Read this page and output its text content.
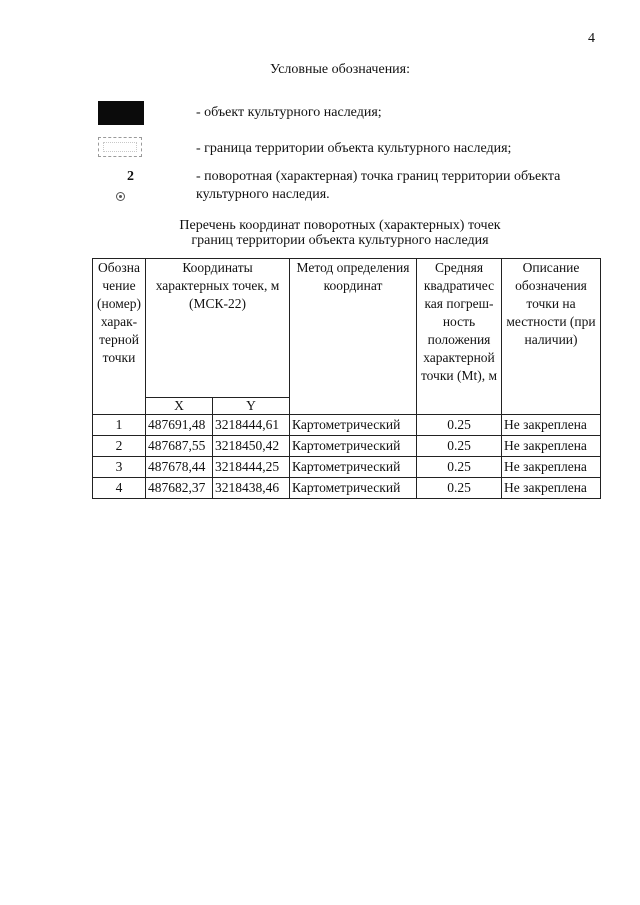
4
Условные обозначения:
- объект культурного наследия;
- граница территории объекта культурного наследия;
2	- поворотная (характерная) точка границ территории объекта культурного наследия.
Перечень координат поворотных (характерных) точек
границ территории объекта культурного наследия
Обозна чение (номер) харак- терной точки	Координаты характерных точек, м (МСК-22)		Метод определения координат	Средняя квадратичес кая погреш- ность положения характерной точки (Mt), м	Описание обозначения точки на местности (при наличии)
	X	Y			
1	487691,48	3218444,61	Картометрический	0.25	Не закреплена
2	487687,55	3218450,42	Картометрический	0.25	Не закреплена
3	487678,44	3218444,25	Картометрический	0.25	Не закреплена
4	487682,37	3218438,46	Картометрический	0.25	Не закреплена
